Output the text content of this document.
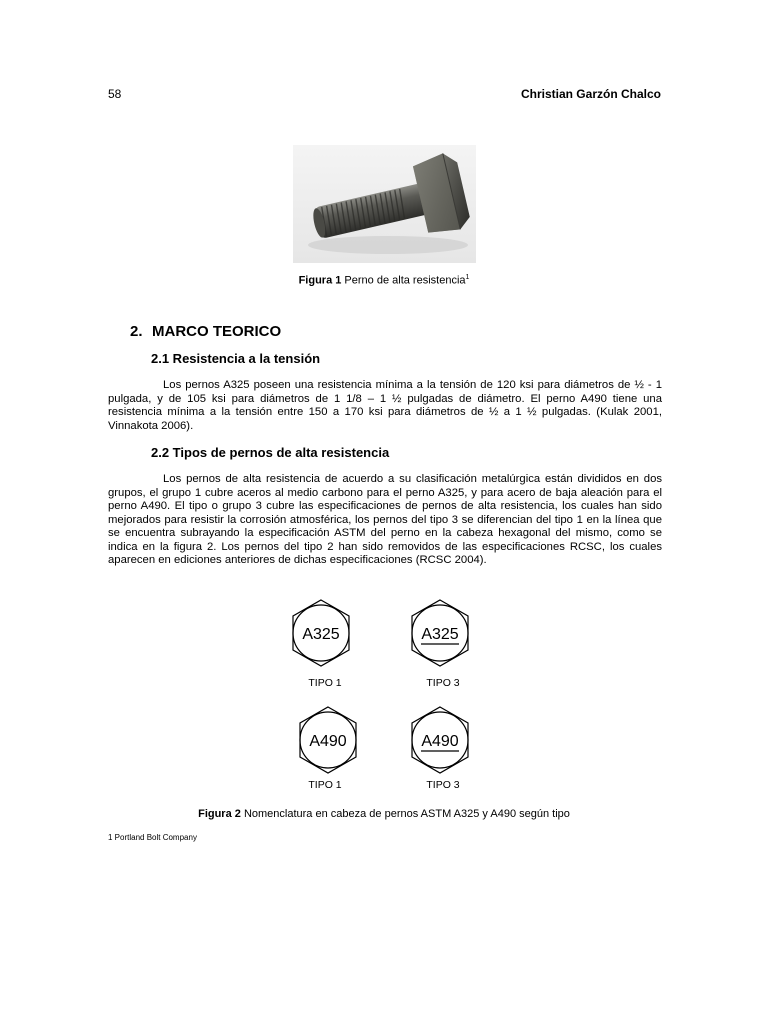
58	Christian Garzón Chalco
Figura 1 Perno de alta resistencia$^1$
2. MARCO TEORICO
2.1 Resistencia a la tensión
Los pernos A325 poseen una resistencia mínima a la tensión de 120 ksi para diámetros de ½ - 1 pulgada, y de 105 ksi para diámetros de 1 1/8 – 1 ½ pulgadas de diámetro. El perno A490 tiene una resistencia mínima a la tensión entre 150 a 170 ksi para diámetros de ½ a 1 ½ pulgadas. (Kulak 2001, Vinnakota 2006).
2.2 Tipos de pernos de alta resistencia
Los pernos de alta resistencia de acuerdo a su clasificación metalúrgica están divididos en dos grupos, el grupo 1 cubre aceros al medio carbono para el perno A325, y para acero de baja aleación para el perno A490. El tipo o grupo 3 cubre las especificaciones de pernos de alta resistencia, los cuales han sido mejorados para resistir la corrosión atmosférica, los pernos del tipo 3 se diferencian del tipo 1 en la línea que se encuentra subrayando la especificación ASTM del perno en la cabeza hexagonal del mismo, como se indica en la figura 2. Los pernos del tipo 2 han sido removidos de las especificaciones RCSC, los cuales aparecen en ediciones anteriores de dichas especificaciones (RCSC 2004).
A325
TIPO 1
A325
TIPO 3
A490
TIPO 1
A490
TIPO 3
Figura 2 Nomenclatura en cabeza de pernos ASTM A325 y A490 según tipo
1 Portland Bolt Company
